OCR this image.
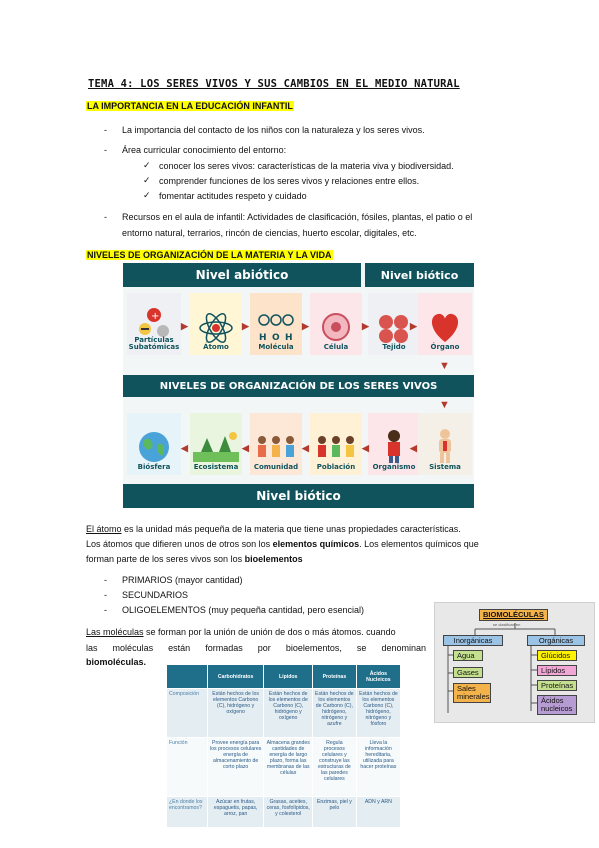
TEMA 4: LOS SERES VIVOS Y SUS CAMBIOS EN EL MEDIO NATURAL
LA IMPORTANCIA EN LA EDUCACIÓN INFANTIL
- La importancia del contacto de los niños con la naturaleza y los seres vivos.
- Área curricular conocimiento del entorno:
✓ conocer los seres vivos: características de la materia viva y biodiversidad.
✓ comprender funciones de los seres vivos y relaciones entre ellos.
✓ fomentar actitudes respeto y cuidado
- Recursos en el aula de infantil: Actividades de clasificación, fósiles, plantas, el patio o el
entorno natural, terrarios, rincón de ciencias, huerto escolar, digitales, etc.
NIVELES DE ORGANIZACIÓN DE LA MATERIA Y LA VIDA
Nivel abiótico	Nivel biótico
+
Partículas Subatómicas	Átomo
H O H
Molécula	Célula	Tejido	Órgano
▶	▶	▶	▶	▶
NIVELES DE ORGANIZACIÓN DE LOS SERES VIVOS
▼
▼
Biósfera	Ecosistema Comunidad	Población Organismo Sistema
◀	◀	◀	◀	◀
Nivel biótico
El átomo es la unidad más pequeña de la materia que tiene unas propiedades características.
Los átomos que difieren unos de otros son los elementos químicos. Los elementos químicos que
forman parte de los seres vivos son los bioelementos
- PRIMARIOS (mayor cantidad)
- SECUNDARIOS
- OLIGOELEMENTOS (muy pequeña cantidad, pero esencial)
Las moléculas se forman por la unión de unión de dos o más átomos. cuando
las moléculas están formadas por bioelementos, se denominan
biomoléculas.
BIOMOLÉCULAS
se clasifican en
Inorgánicas	Orgánicas
Agua
Gases
Sales minerales
Glúcidos
Lípidos
Proteínas
Ácidos nucleicos
	Carbohidratos	Lípidos	Proteínas	Ácidos Nucleicos
Composición	Están hechos de los elementos Carbono (C), hidrógeno y oxígeno	Están hechos de los elementos de Carbono (C), hidrógeno y oxígeno	Están hechos de los elementos de Carbono (C), hidrógeno, nitrógeno y azufre	Están hechos de los elementos Carbono (C), hidrógeno, nitrógeno y fósforo
Función	Provee energía para los procesos celulares energía de almacenamiento de corto plazo	Almacena grandes cantidades de energía de largo plazo, forma las membranas de las células	Regula procesos celulares y construye las estructuras de las paredes celulares	Lleva la información hereditaria, utilizada para hacer proteínas
¿En donde los encontramos?	Azúcar en frutas, espaguetis, papas, arroz, pan	Grasas, aceites, ceras, fosfolípidos, y colesterol	Enzimas, piel y pelo	ADN y ARN
